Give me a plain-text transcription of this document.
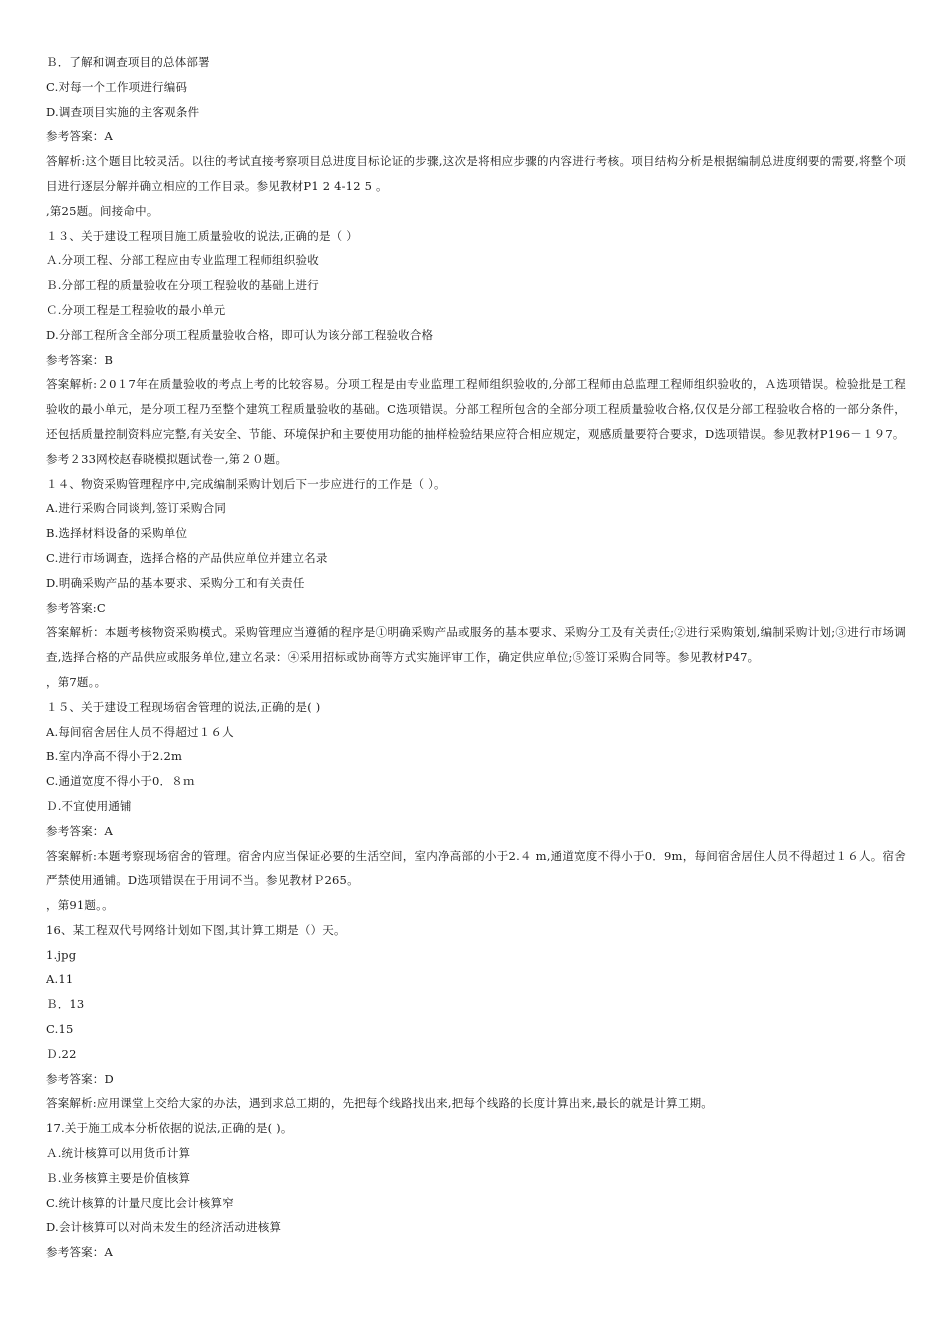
Ｂ．了解和调查项目的总体部署
C.对每一个工作项进行编码
D.调查项目实施的主客观条件
参考答案：A
答解析:这个题目比较灵活。以往的考试直接考察项目总进度目标论证的步骤,这次是将相应步骤的内容进行考核。项目结构分析是根据编制总进度纲要的需要,将整个项目进行逐层分解并确立相应的工作目录。参见教材P1 2 4-12 5 。
,第25题。间接命中。
１３、关于建设工程项目施工质量验收的说法,正确的是（ ）
Ａ.分项工程、分部工程应由专业监理工程师组织验收
Ｂ.分部工程的质量验收在分项工程验收的基础上进行
Ｃ.分项工程是工程验收的最小单元
D.分部工程所含全部分项工程质量验收合格，即可认为该分部工程验收合格
参考答案：B
答案解析:２0１7年在质量验收的考点上考的比较容易。分项工程是由专业监理工程师组织验收的,分部工程师由总监理工程师组织验收的，Ａ选项错误。检验批是工程验收的最小单元，是分项工程乃至整个建筑工程质量验收的基础。C选项错误。分部工程所包含的全部分项工程质量验收合格,仅仅是分部工程验收合格的一部分条件，还包括质量控制资料应完整,有关安全、节能、环境保护和主要使用功能的抽样检验结果应符合相应规定，观感质量要符合要求，D选项错误。参见教材P196－１９7。
参考２33网校赵春晓模拟题试卷一,第２０题。
１４、物资采购管理程序中,完成编制采购计划后下一步应进行的工作是（ ）。
A.进行采购合同谈判,签订采购合同
B.选择材料设备的采购单位
C.进行市场调查，选择合格的产品供应单位并建立名录
D.明确采购产品的基本要求、采购分工和有关责任
参考答案:C
答案解析：本题考核物资采购模式。采购管理应当遵循的程序是①明确采购产品或服务的基本要求、采购分工及有关责任;②进行采购策划,编制采购计划;③进行市场调查,选择合格的产品供应或服务单位,建立名录：④采用招标或协商等方式实施评审工作，确定供应单位;⑤签订采购合同等。参见教材P47。
，第7题。。
１５、关于建设工程现场宿舍管理的说法,正确的是( )
A.每间宿舍居住人员不得超过１６人
B.室内净高不得小于2.2m
C.通道宽度不得小于0．８ｍ
Ｄ.不宜使用通铺
参考答案：A
答案解析:本题考察现场宿舍的管理。宿舍内应当保证必要的生活空间，室内净高部的小于2.４ m,通道宽度不得小于0．9m，每间宿舍居住人员不得超过１６人。宿舍严禁使用通铺。D选项错误在于用词不当。参见教材Ｐ265。
，第91题。。
16、某工程双代号网络计划如下图,其计算工期是（）天。
1.jpg
A.11
Ｂ．13
C.15
Ｄ.22
参考答案：D
答案解析:应用课堂上交给大家的办法，遇到求总工期的，先把每个线路找出来,把每个线路的长度计算出来,最长的就是计算工期。
17.关于施工成本分析依据的说法,正确的是( )。
Ａ.统计核算可以用货币计算
Ｂ.业务核算主要是价值核算
C.统计核算的计量尺度比会计核算窄
D.会计核算可以对尚未发生的经济活动进核算
参考答案：A
